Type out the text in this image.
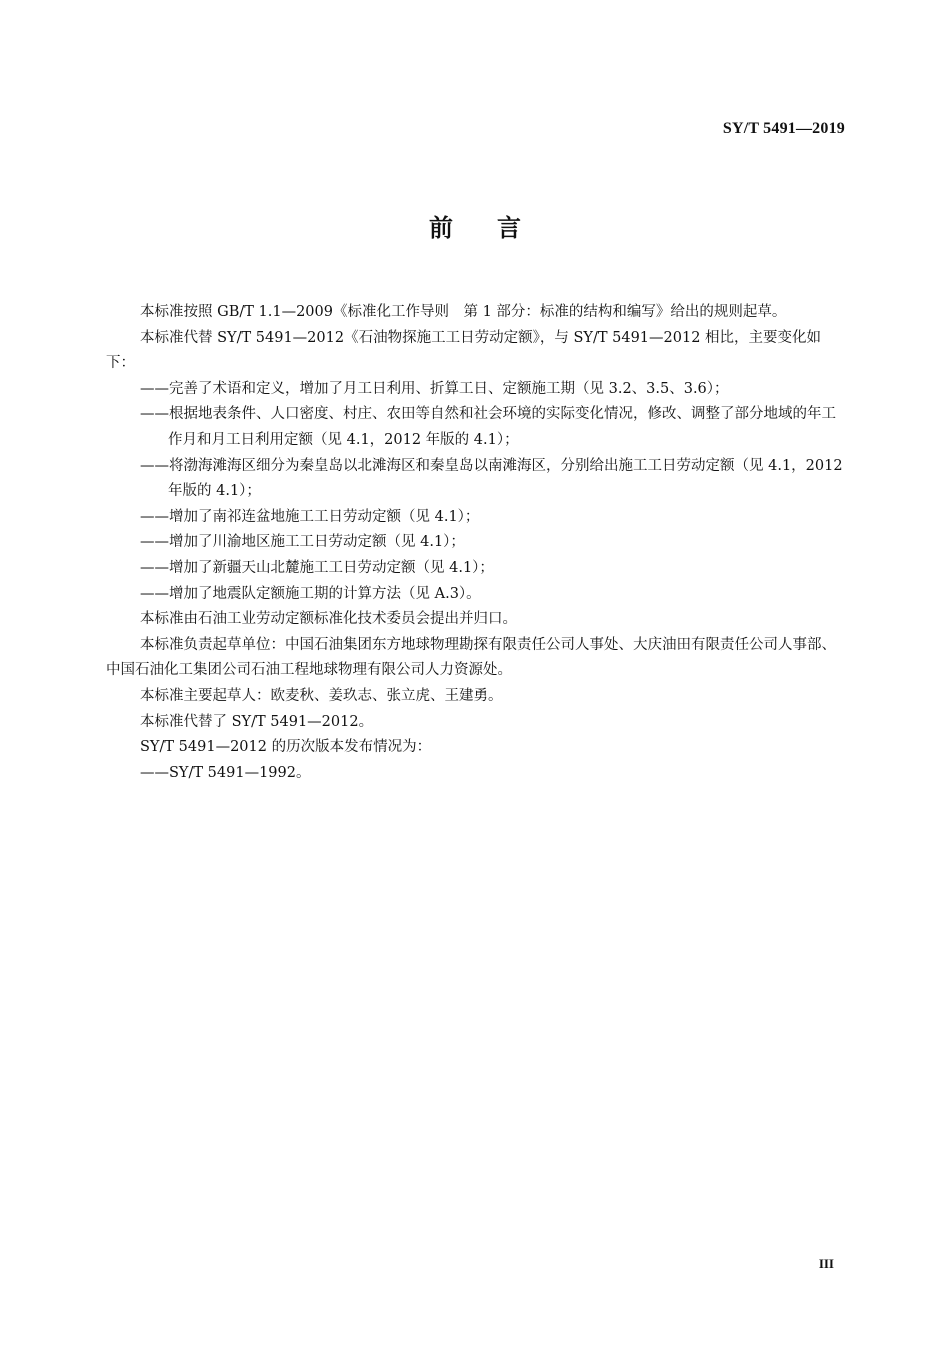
SY/T 5491—2019
前言

本标准按照 GB/T 1.1—2009《标准化工作导则　第 1 部分：标准的结构和编写》给出的规则起草。

本标准代替 SY/T 5491—2012《石油物探施工工日劳动定额》，与 SY/T 5491—2012 相比，主要变化如下：

——完善了术语和定义，增加了月工日利用、折算工日、定额施工期（见 3.2、3.5、3.6）；

——根据地表条件、人口密度、村庄、农田等自然和社会环境的实际变化情况，修改、调整了部分地域的年工作月和月工日利用定额（见 4.1，2012 年版的 4.1）；

——将渤海滩海区细分为秦皇岛以北滩海区和秦皇岛以南滩海区，分别给出施工工日劳动定额（见 4.1，2012 年版的 4.1）；

——增加了南祁连盆地施工工日劳动定额（见 4.1）；

——增加了川渝地区施工工日劳动定额（见 4.1）；

——增加了新疆天山北麓施工工日劳动定额（见 4.1）；

——增加了地震队定额施工期的计算方法（见 A.3）。

本标准由石油工业劳动定额标准化技术委员会提出并归口。

本标准负责起草单位：中国石油集团东方地球物理勘探有限责任公司人事处、大庆油田有限责任公司人事部、中国石油化工集团公司石油工程地球物理有限公司人力资源处。

本标准主要起草人：欧麦秋、姜玖志、张立虎、王建勇。

本标准代替了 SY/T 5491—2012。

SY/T 5491—2012 的历次版本发布情况为：

——SY/T 5491—1992。

III
